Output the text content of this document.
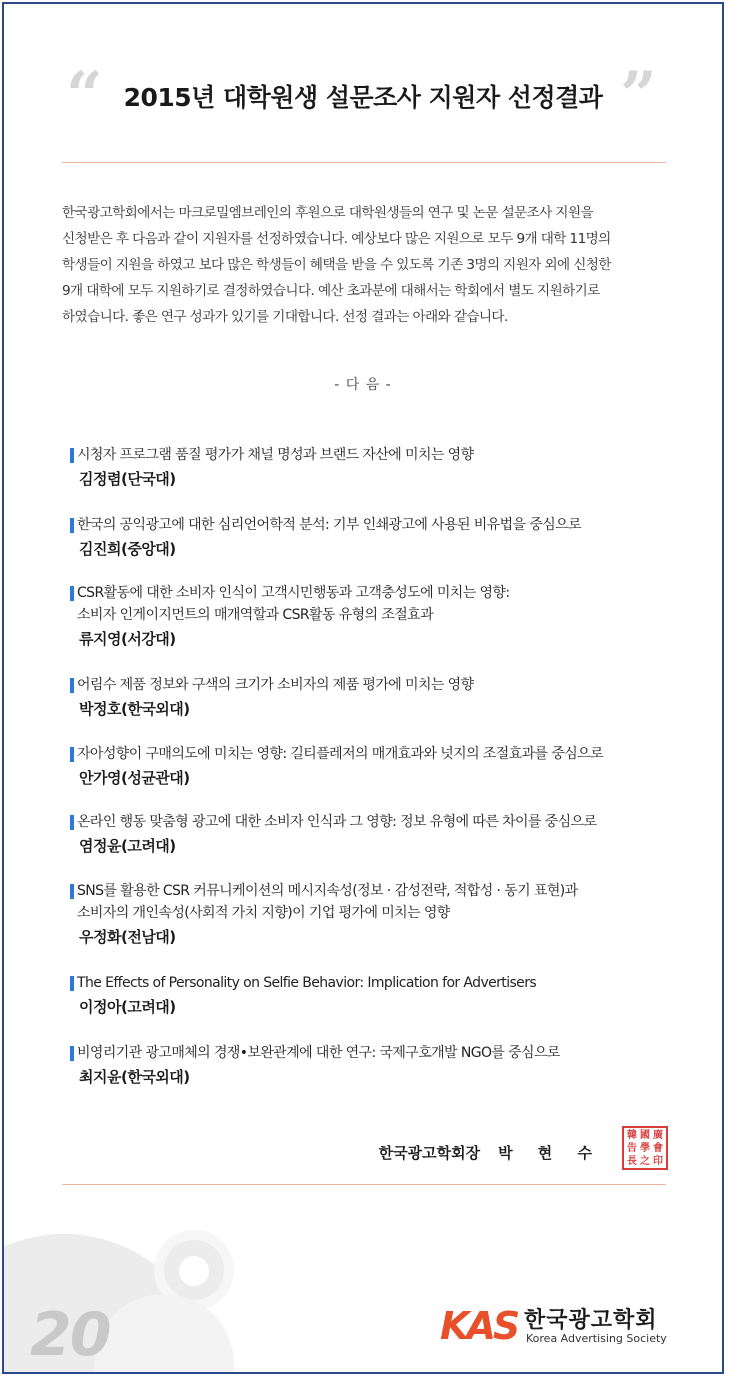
“ 2015년 대학원생 설문조사 지원자 선정결과 ”

한국광고학회에서는 마크로밀엠브레인의 후원으로 대학원생들의 연구 및 논문 설문조사 지원을

신청받은 후 다음과 같이 지원자를 선정하였습니다. 예상보다 많은 지원으로 모두 9개 대학 11명의

학생들이 지원을 하였고 보다 많은 학생들이 혜택을 받을 수 있도록 기존 3명의 지원자 외에 신청한

9개 대학에 모두 지원하기로 결정하였습니다. 예산 초과분에 대해서는 학회에서 별도 지원하기로

하였습니다. 좋은 연구 성과가 있기를 기대합니다. 선정 결과는 아래와 같습니다.

- 다 음 -

시청자 프로그램 품질 평가가 채널 명성과 브랜드 자산에 미치는 영향

김정렴(단국대)

한국의 공익광고에 대한 심리언어학적 분석: 기부 인쇄광고에 사용된 비유법을 중심으로

김진희(중앙대)

CSR활동에 대한 소비자 인식이 고객시민행동과 고객충성도에 미치는 영향:

소비자 인게이지먼트의 매개역할과 CSR활동 유형의 조절효과

류지영(서강대)

어림수 제품 정보와 구색의 크기가 소비자의 제품 평가에 미치는 영향

박정호(한국외대)

자아성향이 구매의도에 미치는 영향: 길티플레저의 매개효과와 넛지의 조절효과를 중심으로

안가영(성균관대)

온라인 행동 맞춤형 광고에 대한 소비자 인식과 그 영향: 정보 유형에 따른 차이를 중심으로

염정윤(고려대)

SNS를 활용한 CSR 커뮤니케이션의 메시지속성(정보 · 감성전략, 적합성 · 동기 표현)과

소비자의 개인속성(사회적 가치 지향)이 기업 평가에 미치는 영향

우정화(전남대)

The Effects of Personality on Selfie Behavior: Implication for Advertisers

이정아(고려대)

비영리기관 광고매체의 경쟁•보완관계에 대한 연구: 국제구호개발 NGO를 중심으로

최지윤(한국외대)
한국광고학회장 박 현 수
韓 國 廣
告 學 會
長 之 印
20	KAS 한국광고학회
Korea Advertising Society
